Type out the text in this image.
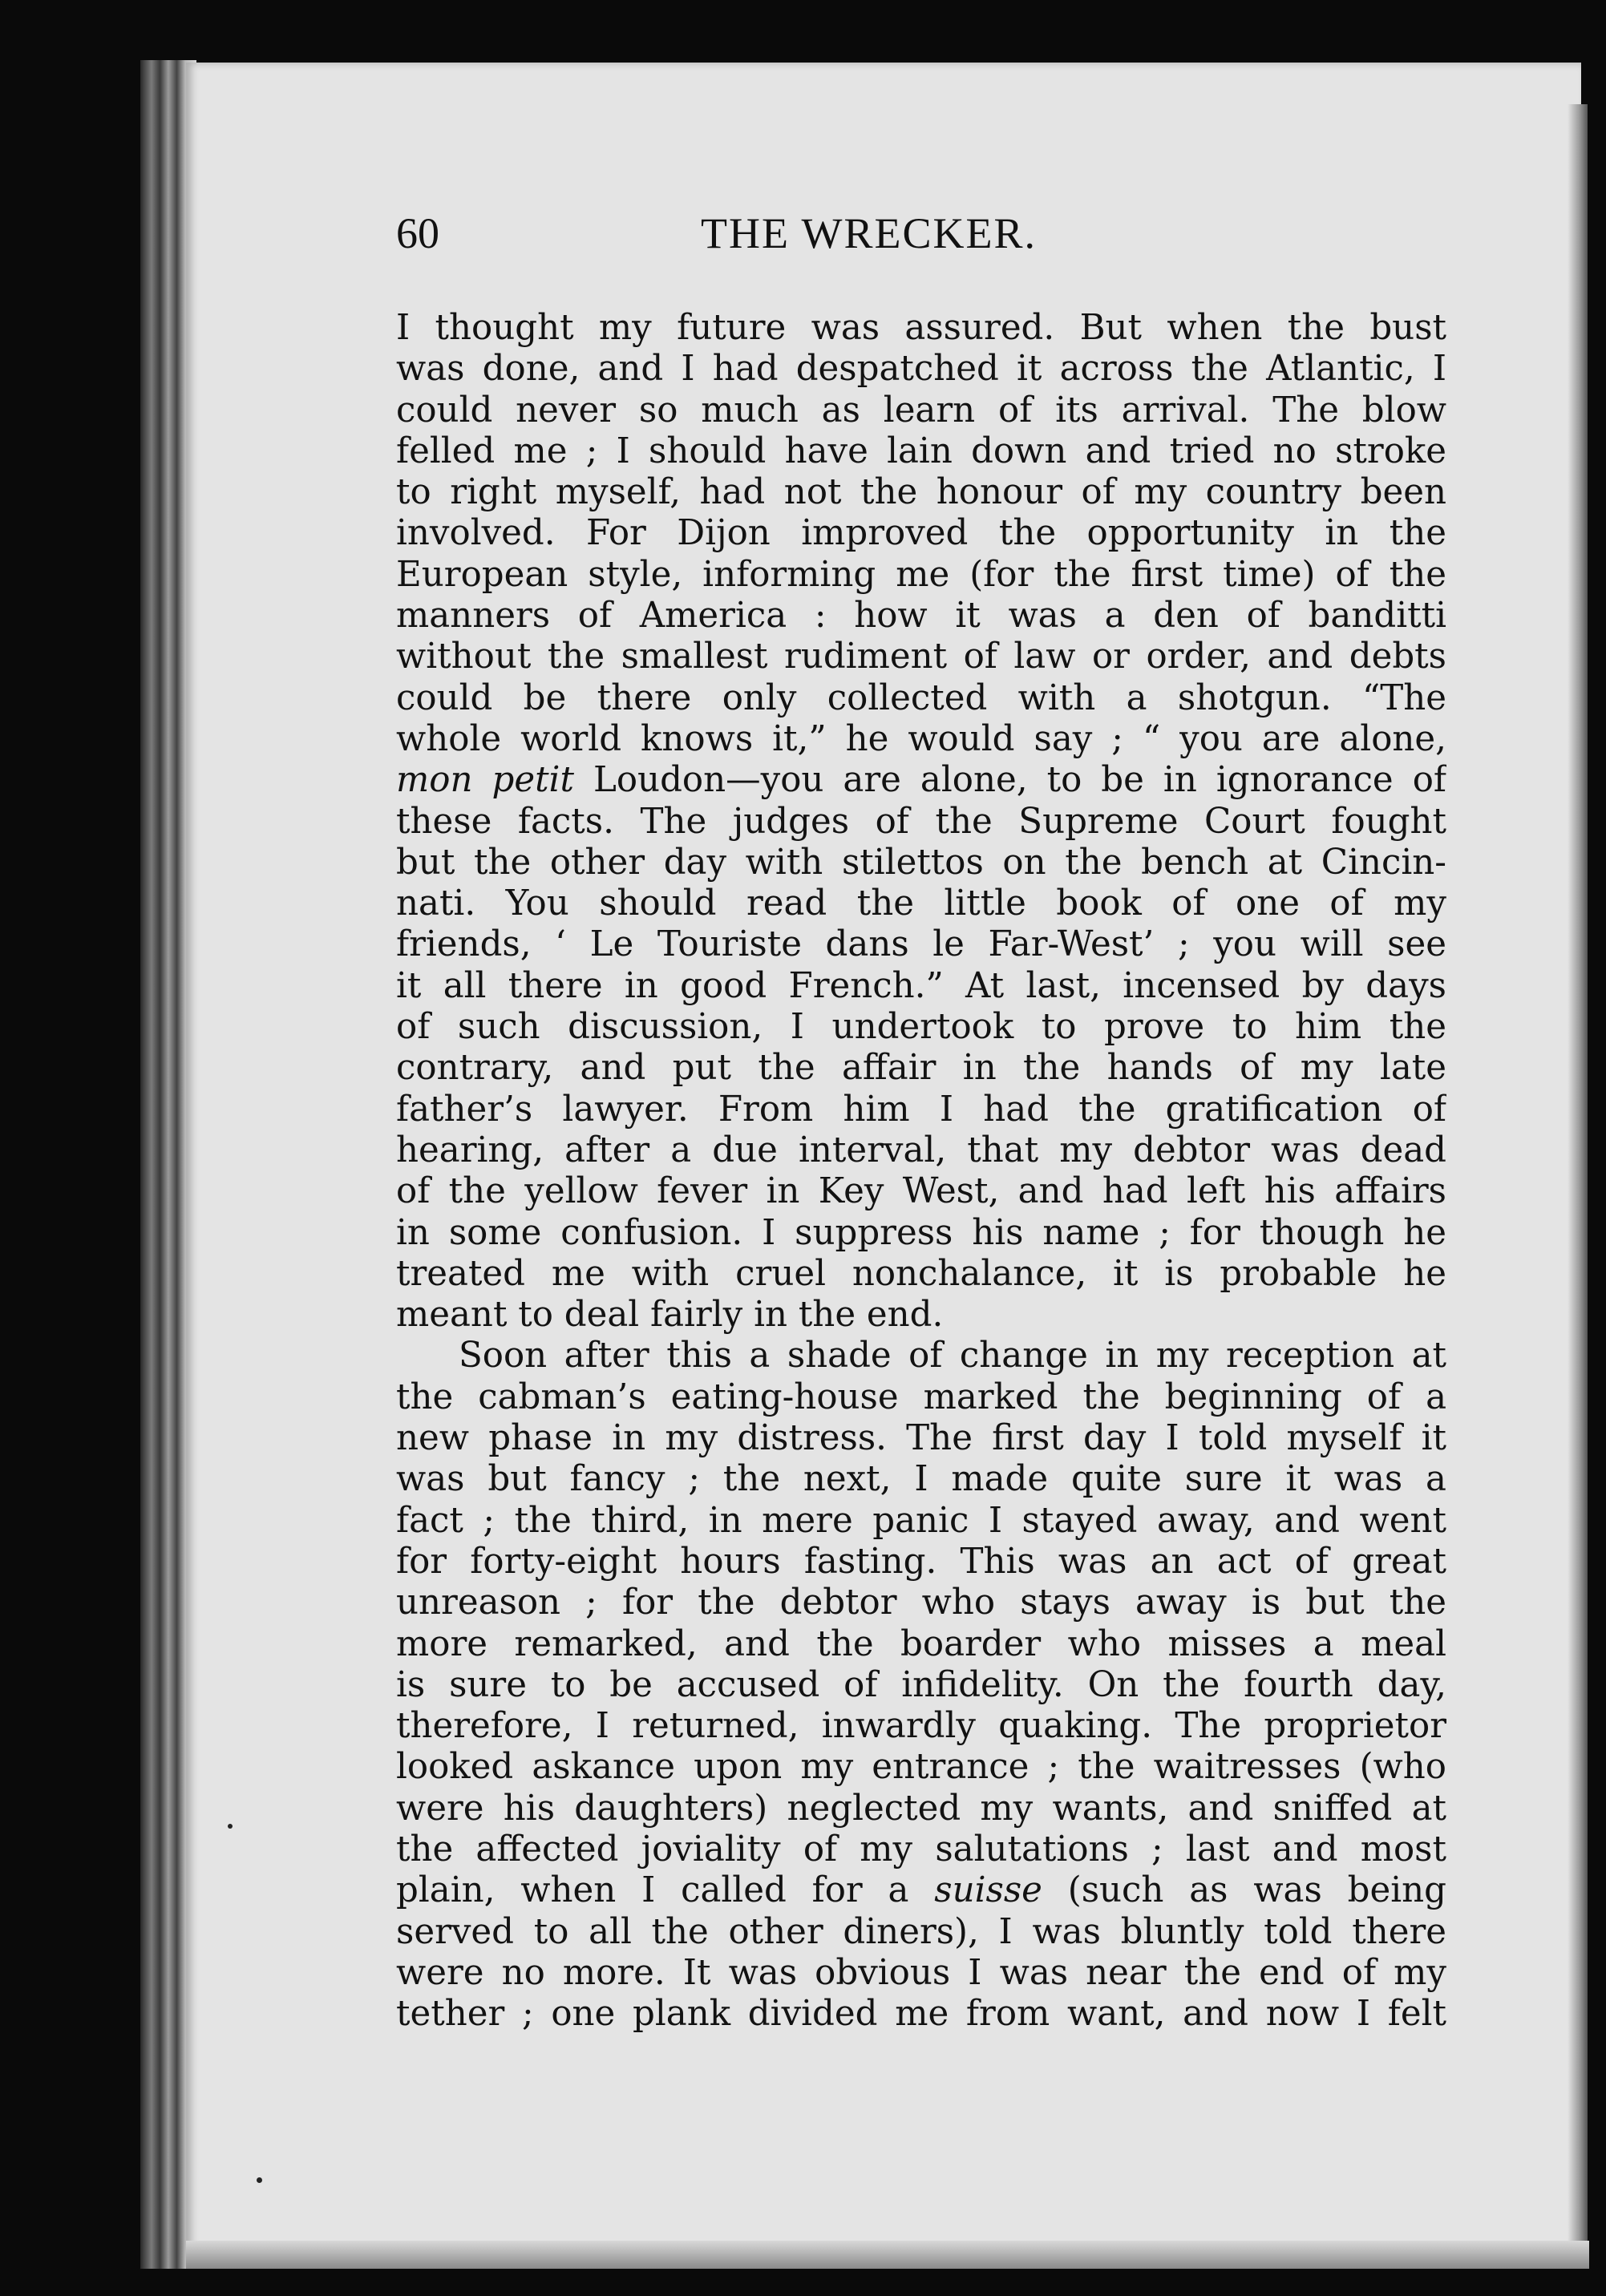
60	THE WRECKER.
I thought my future was assured. But when the bust
was done, and I had despatched it across the Atlantic, I
could never so much as learn of its arrival. The blow
felled me ; I should have lain down and tried no stroke
to right myself, had not the honour of my country been
involved. For Dijon improved the opportunity in the
European style, informing me (for the first time) of the
manners of America : how it was a den of banditti
without the smallest rudiment of law or order, and debts
could be there only collected with a shotgun. “The
whole world knows it,” he would say ; “ you are alone,
mon petit Loudon—you are alone, to be in ignorance of
these facts. The judges of the Supreme Court fought
but the other day with stilettos on the bench at Cincin-
nati. You should read the little book of one of my
friends, ‘ Le Touriste dans le Far-West’ ; you will see
it all there in good French.” At last, incensed by days
of such discussion, I undertook to prove to him the
contrary, and put the affair in the hands of my late
father’s lawyer. From him I had the gratification of
hearing, after a due interval, that my debtor was dead
of the yellow fever in Key West, and had left his affairs
in some confusion. I suppress his name ; for though he
treated me with cruel nonchalance, it is probable he
meant to deal fairly in the end.
Soon after this a shade of change in my reception at
the cabman’s eating-house marked the beginning of a
new phase in my distress. The first day I told myself it
was but fancy ; the next, I made quite sure it was a
fact ; the third, in mere panic I stayed away, and went
for forty-eight hours fasting. This was an act of great
unreason ; for the debtor who stays away is but the
more remarked, and the boarder who misses a meal
is sure to be accused of infidelity. On the fourth day,
therefore, I returned, inwardly quaking. The proprietor
looked askance upon my entrance ; the waitresses (who
were his daughters) neglected my wants, and sniffed at
the affected joviality of my salutations ; last and most
plain, when I called for a suisse (such as was being
served to all the other diners), I was bluntly told there
were no more. It was obvious I was near the end of my
tether ; one plank divided me from want, and now I felt
